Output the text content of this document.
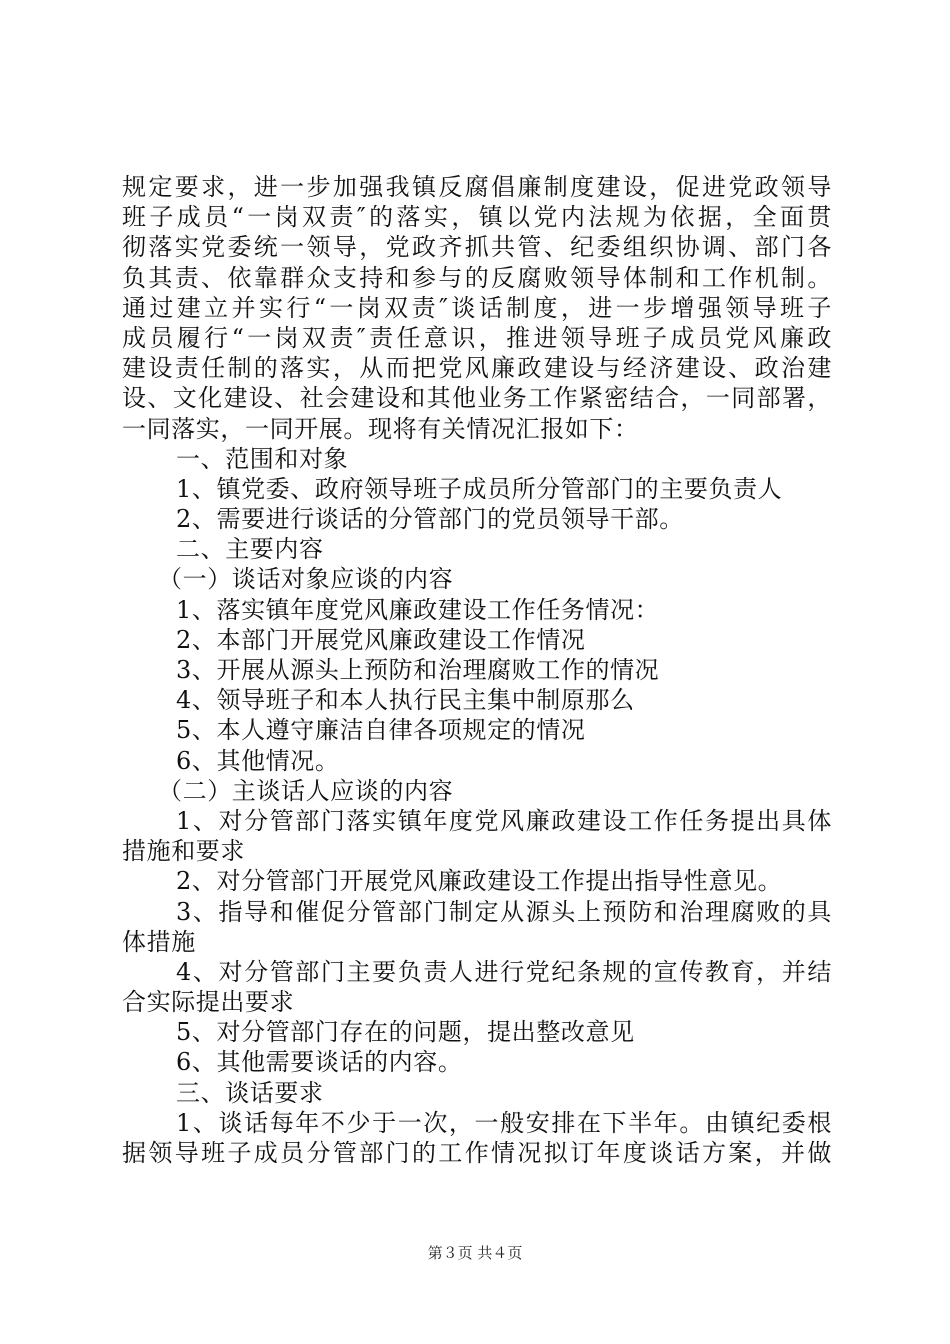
规定要求，进一步加强我镇反腐倡廉制度建设，促进党政领导
班子成员“一岗双责″的落实，镇以党内法规为依据，全面贯
彻落实党委统一领导，党政齐抓共管、纪委组织协调、部门各
负其责、依靠群众支持和参与的反腐败领导体制和工作机制。
通过建立并实行“一岗双责″谈话制度，进一步增强领导班子
成员履行“一岗双责″责任意识，推进领导班子成员党风廉政
建设责任制的落实，从而把党风廉政建设与经济建设、政治建
设、文化建设、社会建设和其他业务工作紧密结合，一同部署，
一同落实，一同开展。现将有关情况汇报如下：
一、范围和对象
1、镇党委、政府领导班子成员所分管部门的主要负责人
2、需要进行谈话的分管部门的党员领导干部。
二、主要内容
（一）谈话对象应谈的内容
1、落实镇年度党风廉政建设工作任务情况：
2、本部门开展党风廉政建设工作情况
3、开展从源头上预防和治理腐败工作的情况
4、领导班子和本人执行民主集中制原那么
5、本人遵守廉洁自律各项规定的情况
6、其他情况。
（二）主谈话人应谈的内容
1、对分管部门落实镇年度党风廉政建设工作任务提出具体
措施和要求
2、对分管部门开展党风廉政建设工作提出指导性意见。
3、指导和催促分管部门制定从源头上预防和治理腐败的具
体措施
4、对分管部门主要负责人进行党纪条规的宣传教育，并结
合实际提出要求
5、对分管部门存在的问题，提出整改意见
6、其他需要谈话的内容。
三、谈话要求
1、谈话每年不少于一次，一般安排在下半年。由镇纪委根
据领导班子成员分管部门的工作情况拟订年度谈话方案，并做
第３页 共４页
